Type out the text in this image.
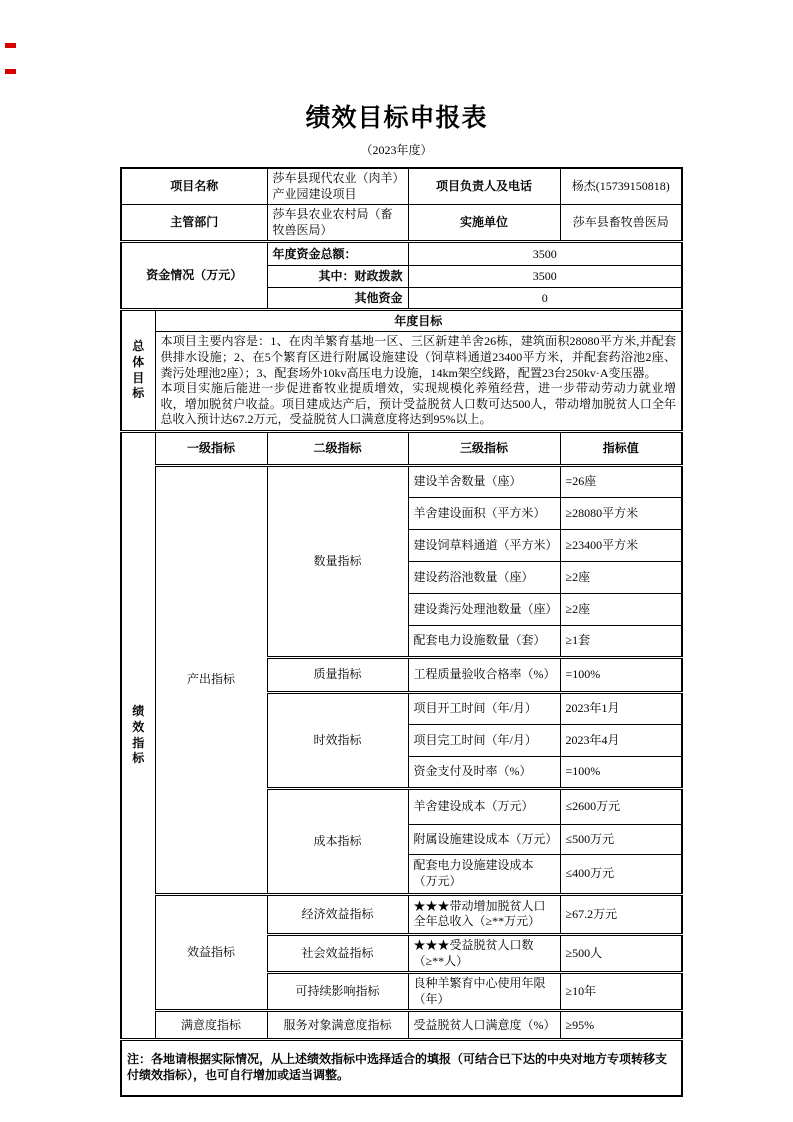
绩效目标申报表
（2023年度）
项目名称		莎车县现代农业（肉羊）产业园建设项目	项目负责人及电话	杨杰(15739150818)
主管部门		莎车县农业农村局（畜牧兽医局）	实施单位	莎车县畜牧兽医局
资金情况（万元）		年度资金总额：	3500	
		其中：财政拨款	3500	
		其他资金	0	
总体目标	年度目标			

	本项目主要内容是：1、在肉羊繁育基地一区、三区新建羊舍26栋，建筑面积28080平方米,并配套供排水设施；2、在5个繁育区进行附属设施建设（饲草料通道23400平方米，并配套药浴池2座、粪污处理池2座）；3、配套场外10kv高压电力设施，14km架空线路，配置23台250kv·A变压器。

本项目实施后能进一步促进畜牧业提质增效，实现规模化养殖经营，进一步带动劳动力就业增收，增加脱贫户收益。项目建成达产后，预计受益脱贫人口数可达500人，带动增加脱贫人口全年总收入预计达67.2万元，受益脱贫人口满意度将达到95%以上。			

绩效指标	一级指标	二级指标	三级指标	指标值
	产出指标	数量指标	建设羊舍数量（座）	=26座
			羊舍建设面积（平方米）	≥28080平方米
			建设饲草料通道（平方米）	≥23400平方米
			建设药浴池数量（座）	≥2座
			建设粪污处理池数量（座）	≥2座
			配套电力设施数量（套）	≥1套
		质量指标	工程质量验收合格率（%）	=100%
		时效指标	项目开工时间（年/月）	2023年1月
			项目完工时间（年/月）	2023年4月
			资金支付及时率（%）	=100%
		成本指标	羊舍建设成本（万元）	≤2600万元
			附属设施建设成本（万元）	≤500万元
			配套电力设施建设成本（万元）	≤400万元
	效益指标	经济效益指标	★★★带动增加脱贫人口全年总收入（≥**万元）	≥67.2万元
		社会效益指标	★★★受益脱贫人口数（≥**人）	≥500人
		可持续影响指标	良种羊繁育中心使用年限（年）	≥10年
	满意度指标	服务对象满意度指标	受益脱贫人口满意度（%）	≥95%
注：各地请根据实际情况，从上述绩效指标中选择适合的填报（可结合已下达的中央对地方专项转移支付绩效指标），也可自行增加或适当调整。				
